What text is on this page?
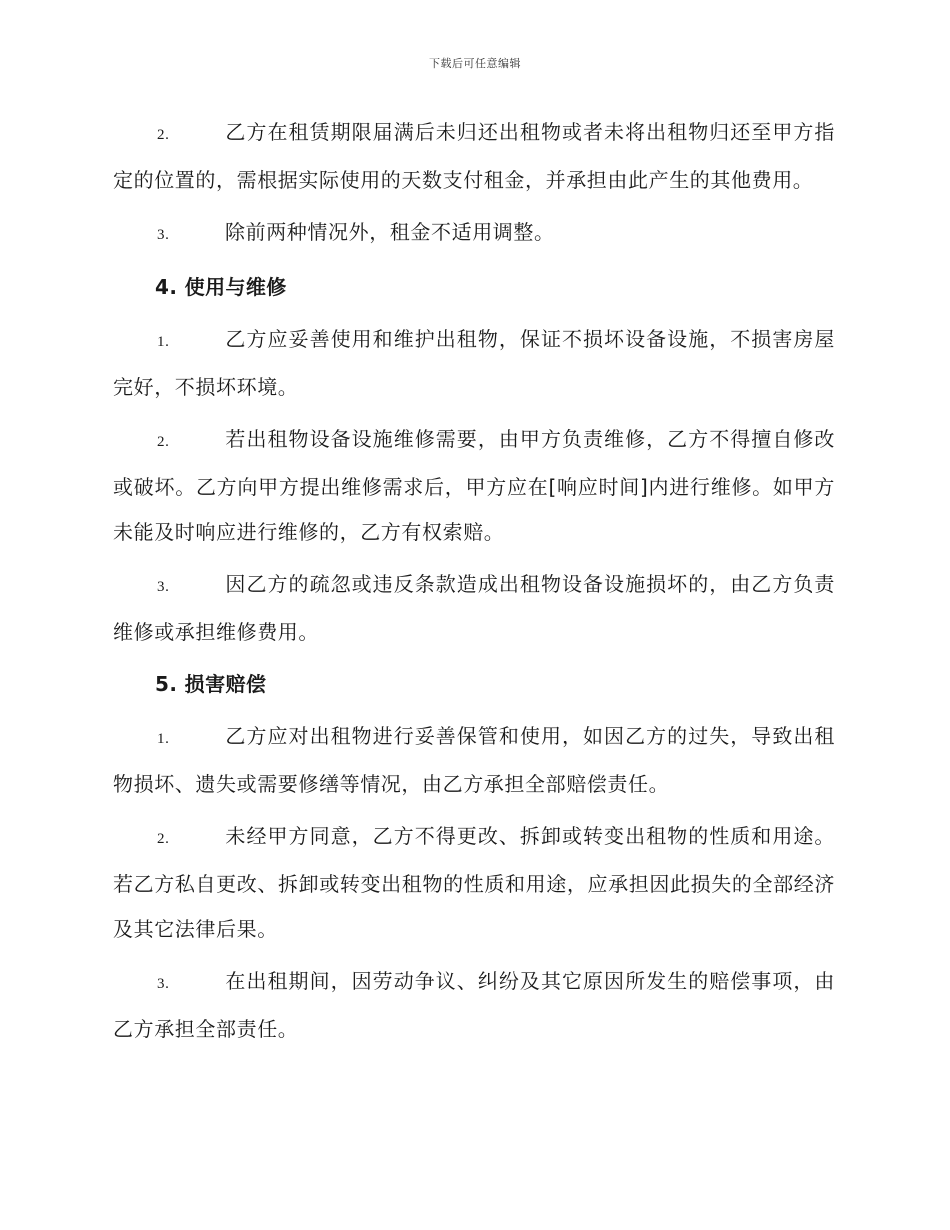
下载后可任意编辑

2.	乙方在租赁期限届满后未归还出租物或者未将出租物归还至甲方指定的位置的，需根据实际使用的天数支付租金，并承担由此产生的其他费用。

3.	除前两种情况外，租金不适用调整。

4. 使用与维修

1.	乙方应妥善使用和维护出租物，保证不损坏设备设施，不损害房屋完好，不损坏环境。

2.	若出租物设备设施维修需要，由甲方负责维修，乙方不得擅自修改或破坏。乙方向甲方提出维修需求后，甲方应在[响应时间]内进行维修。如甲方未能及时响应进行维修的，乙方有权索赔。

3.	因乙方的疏忽或违反条款造成出租物设备设施损坏的，由乙方负责维修或承担维修费用。

5. 损害赔偿

1.	乙方应对出租物进行妥善保管和使用，如因乙方的过失，导致出租物损坏、遗失或需要修缮等情况，由乙方承担全部赔偿责任。

2.	未经甲方同意，乙方不得更改、拆卸或转变出租物的性质和用途。若乙方私自更改、拆卸或转变出租物的性质和用途，应承担因此损失的全部经济及其它法律后果。

3.	在出租期间，因劳动争议、纠纷及其它原因所发生的赔偿事项，由乙方承担全部责任。
